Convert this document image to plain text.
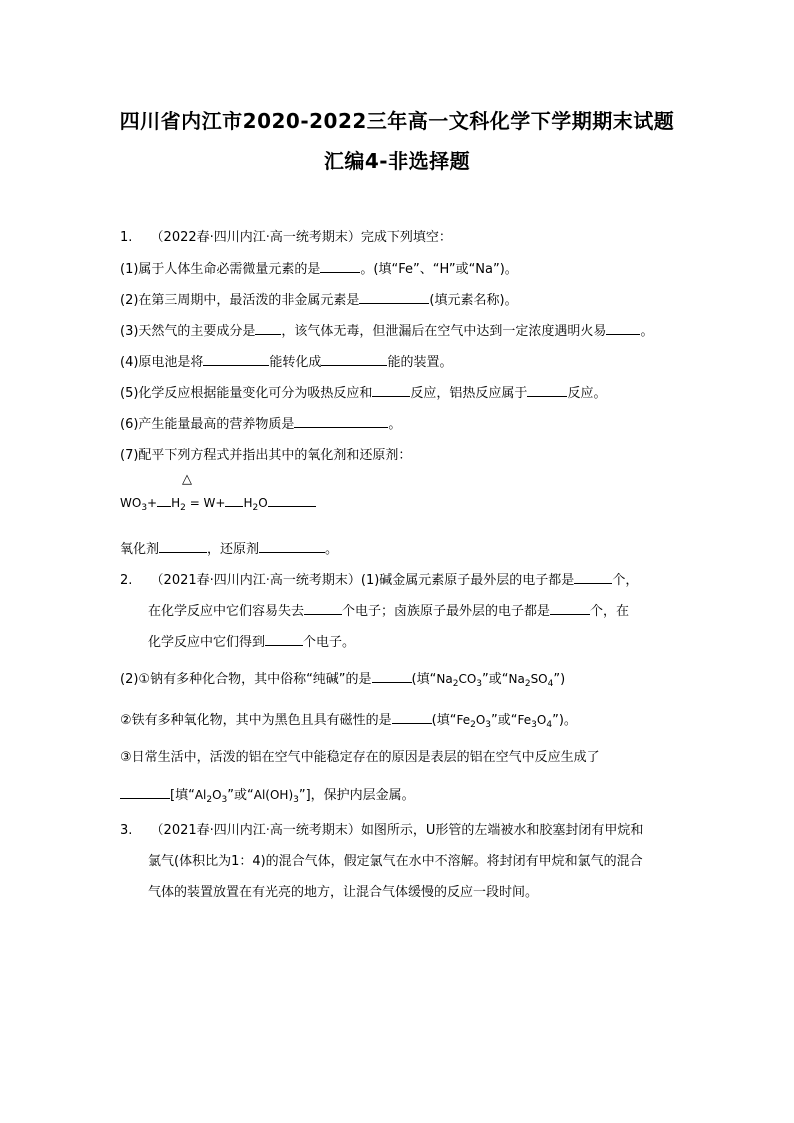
四川省内江市2020-2022三年高一文科化学下学期期末试题
汇编4-非选择题
1. （2022春·四川内江·高一统考期末）完成下列填空：
(1)属于人体生命必需微量元素的是	。(填“Fe”、“H”或“Na”)。
(2)在第三周期中，最活泼的非金属元素是	(填元素名称)。
(3)天然气的主要成分是 ，该气体无毒，但泄漏后在空气中达到一定浓度遇明火易	。
(4)原电池是将	能转化成	能的装置。
(5)化学反应根据能量变化可分为吸热反应和	反应，铝热反应属于	反应。
(6)产生能量最高的营养物质是	。
(7)配平下列方程式并指出其中的氧化剂和还原剂：
△
$WO_3+ H_2 = W+ H_2O$
氧化剂	，还原剂	。
2. （2021春·四川内江·高一统考期末）(1)碱金属元素原子最外层的电子都是	个，
在化学反应中它们容易失去	个电子；卤族原子最外层的电子都是	个，在
化学反应中它们得到	个电子。
(2)①钠有多种化合物，其中俗称“纯碱”的是	(填“$Na_2CO_3$”或“$Na_2SO_4$”)
②铁有多种氧化物，其中为黑色且具有磁性的是	(填“$Fe_2O_3$”或“$Fe_3O_4$”)。
③日常生活中，活泼的铝在空气中能稳定存在的原因是表层的铝在空气中反应生成了
[填“$Al_2O_3$”或“$Al(OH)_3$”]，保护内层金属。
3. （2021春·四川内江·高一统考期末）如图所示，U形管的左端被水和胶塞封闭有甲烷和
氯气(体积比为1：4)的混合气体，假定氯气在水中不溶解。将封闭有甲烷和氯气的混合
气体的装置放置在有光亮的地方，让混合气体缓慢的反应一段时间。
